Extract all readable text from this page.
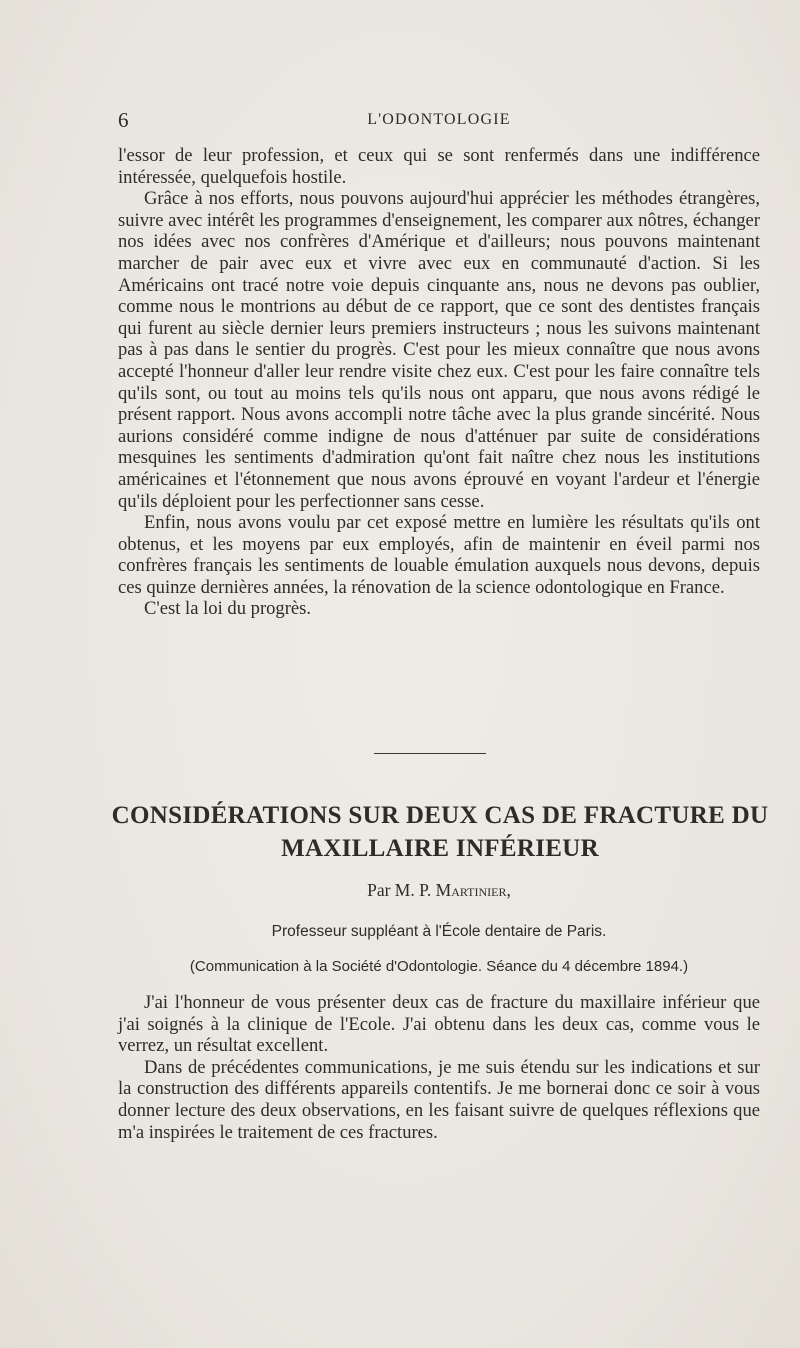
6	L'ODONTOLOGIE

l'essor de leur profession, et ceux qui se sont renfermés dans une indifférence intéressée, quelquefois hostile.

Grâce à nos efforts, nous pouvons aujourd'hui apprécier les méthodes étrangères, suivre avec intérêt les programmes d'enseignement, les comparer aux nôtres, échanger nos idées avec nos confrères d'Amérique et d'ailleurs; nous pouvons maintenant marcher de pair avec eux et vivre avec eux en communauté d'action. Si les Américains ont tracé notre voie depuis cinquante ans, nous ne devons pas oublier, comme nous le montrions au début de ce rapport, que ce sont des dentistes français qui furent au siècle dernier leurs premiers instructeurs ; nous les suivons maintenant pas à pas dans le sentier du progrès. C'est pour les mieux connaître que nous avons accepté l'honneur d'aller leur rendre visite chez eux. C'est pour les faire connaître tels qu'ils sont, ou tout au moins tels qu'ils nous ont apparu, que nous avons rédigé le présent rapport. Nous avons accompli notre tâche avec la plus grande sincérité. Nous aurions considéré comme indigne de nous d'atténuer par suite de considérations mesquines les sentiments d'admiration qu'ont fait naître chez nous les institutions américaines et l'étonnement que nous avons éprouvé en voyant l'ardeur et l'énergie qu'ils déploient pour les perfectionner sans cesse.

Enfin, nous avons voulu par cet exposé mettre en lumière les résultats qu'ils ont obtenus, et les moyens par eux employés, afin de maintenir en éveil parmi nos confrères français les sentiments de louable émulation auxquels nous devons, depuis ces quinze dernières années, la rénovation de la science odontologique en France.

C'est la loi du progrès.

CONSIDÉRATIONS SUR DEUX CAS DE FRACTURE DU
MAXILLAIRE INFÉRIEUR
Par M. P. Martinier,
Professeur suppléant à l'École dentaire de Paris.
(Communication à la Société d'Odontologie. Séance du 4 décembre 1894.)

J'ai l'honneur de vous présenter deux cas de fracture du maxillaire inférieur que j'ai soignés à la clinique de l'Ecole. J'ai obtenu dans les deux cas, comme vous le verrez, un résultat excellent.

Dans de précédentes communications, je me suis étendu sur les indications et sur la construction des différents appareils contentifs. Je me bornerai donc ce soir à vous donner lecture des deux observations, en les faisant suivre de quelques réflexions que m'a inspirées le traitement de ces fractures.
